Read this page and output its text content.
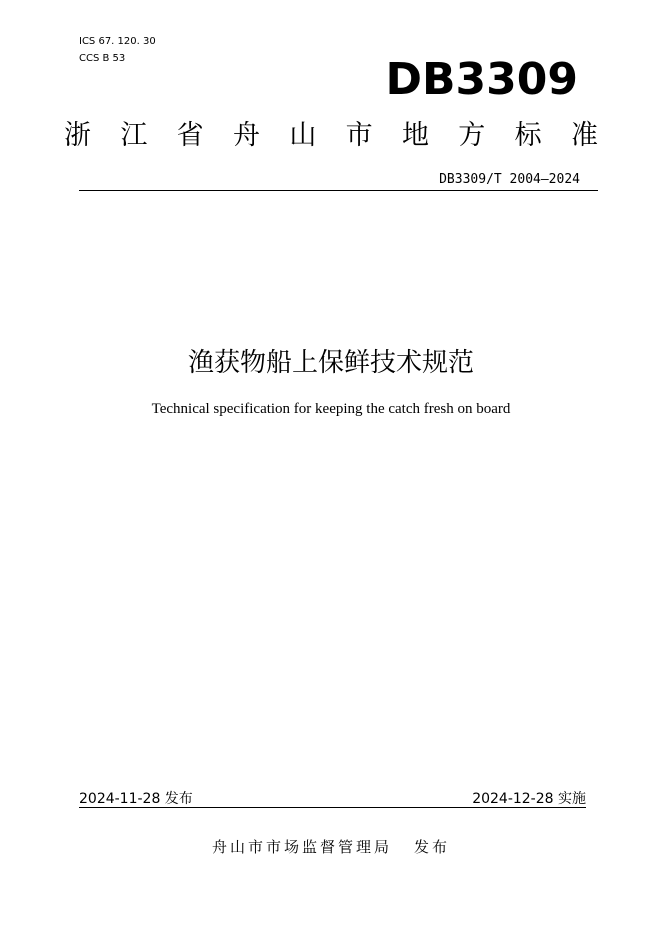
ICS 67. 120. 30
CCS B 53	DB3309
浙 江 省 舟 山 市 地 方 标 准
DB3309/T 2004—2024
渔获物船上保鲜技术规范
Technical specification for keeping the catch fresh on board
2024-11-28 发布	2024-12-28 实施
舟山市市场监督管理局 发布
